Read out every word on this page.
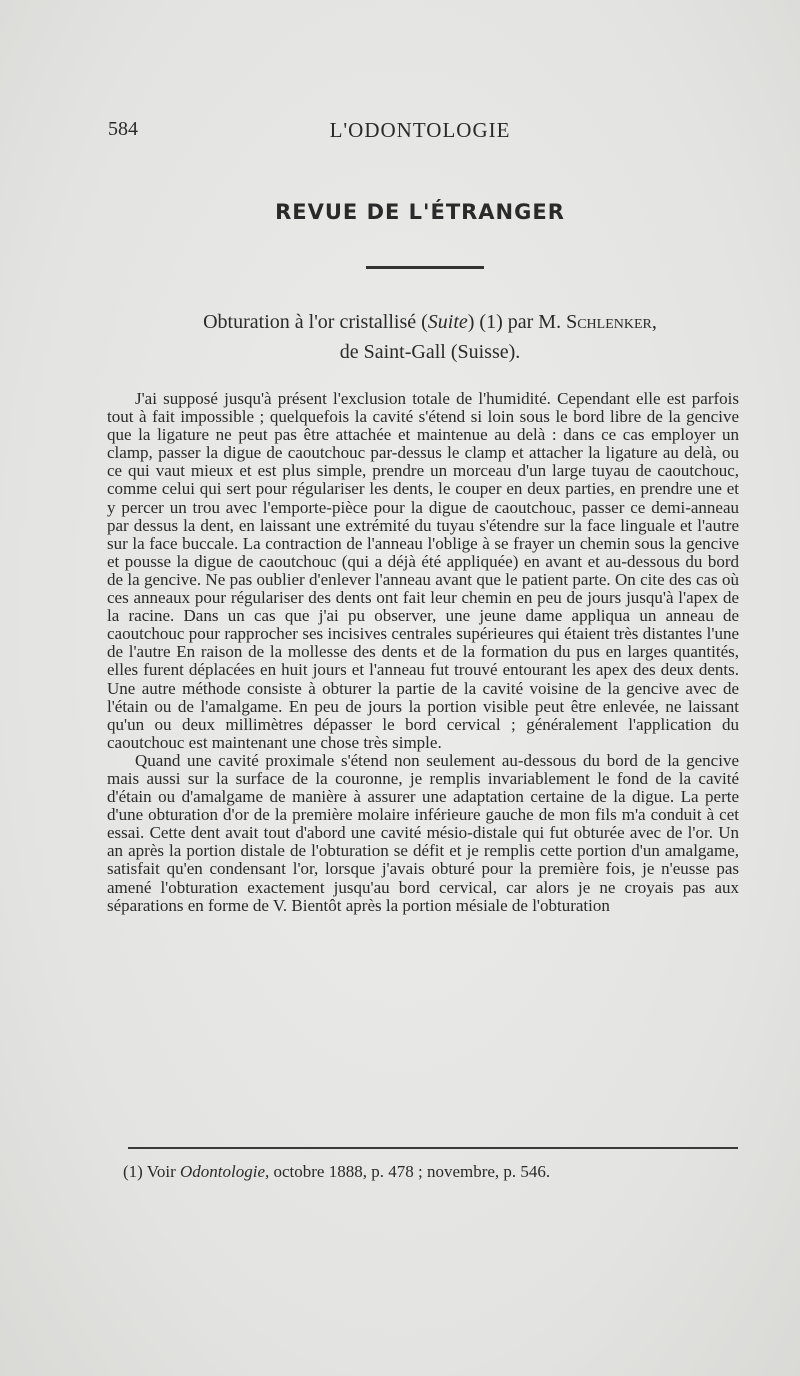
584	L'ODONTOLOGIE
REVUE DE L'ÉTRANGER
Obturation à l'or cristallisé (Suite) (1) par M. Schlenker,
de Saint-Gall (Suisse).

J'ai supposé jusqu'à présent l'exclusion totale de l'humidité. Cependant elle est parfois tout à fait impossible ; quelquefois la cavité s'étend si loin sous le bord libre de la gencive que la ligature ne peut pas être attachée et maintenue au delà : dans ce cas employer un clamp, passer la digue de caoutchouc par-dessus le clamp et attacher la ligature au delà, ou ce qui vaut mieux et est plus simple, prendre un morceau d'un large tuyau de caoutchouc, comme celui qui sert pour régulariser les dents, le couper en deux parties, en prendre une et y percer un trou avec l'emporte-pièce pour la digue de caoutchouc, passer ce demi-anneau par dessus la dent, en laissant une extrémité du tuyau s'étendre sur la face linguale et l'autre sur la face buccale. La contraction de l'anneau l'oblige à se frayer un chemin sous la gencive et pousse la digue de caoutchouc (qui a déjà été appliquée) en avant et au-dessous du bord de la gencive. Ne pas oublier d'enlever l'anneau avant que le patient parte. On cite des cas où ces anneaux pour régulariser des dents ont fait leur chemin en peu de jours jusqu'à l'apex de la racine. Dans un cas que j'ai pu observer, une jeune dame appliqua un anneau de caoutchouc pour rapprocher ses incisives centrales supérieures qui étaient très distantes l'une de l'autre En raison de la mollesse des dents et de la formation du pus en larges quantités, elles furent déplacées en huit jours et l'anneau fut trouvé entourant les apex des deux dents. Une autre méthode consiste à obturer la partie de la cavité voisine de la gencive avec de l'étain ou de l'amalgame. En peu de jours la portion visible peut être enlevée, ne laissant qu'un ou deux millimètres dépasser le bord cervical ; généralement l'application du caoutchouc est maintenant une chose très simple.

Quand une cavité proximale s'étend non seulement au-dessous du bord de la gencive mais aussi sur la surface de la couronne, je remplis invariablement le fond de la cavité d'étain ou d'amalgame de manière à assurer une adaptation certaine de la digue. La perte d'une obturation d'or de la première molaire inférieure gauche de mon fils m'a conduit à cet essai. Cette dent avait tout d'abord une cavité mésio-distale qui fut obturée avec de l'or. Un an après la portion distale de l'obturation se défit et je remplis cette portion d'un amalgame, satisfait qu'en condensant l'or, lorsque j'avais obturé pour la première fois, je n'eusse pas amené l'obturation exactement jusqu'au bord cervical, car alors je ne croyais pas aux séparations en forme de V. Bientôt après la portion mésiale de l'obturation

(1) Voir Odontologie, octobre 1888, p. 478 ; novembre, p. 546.
